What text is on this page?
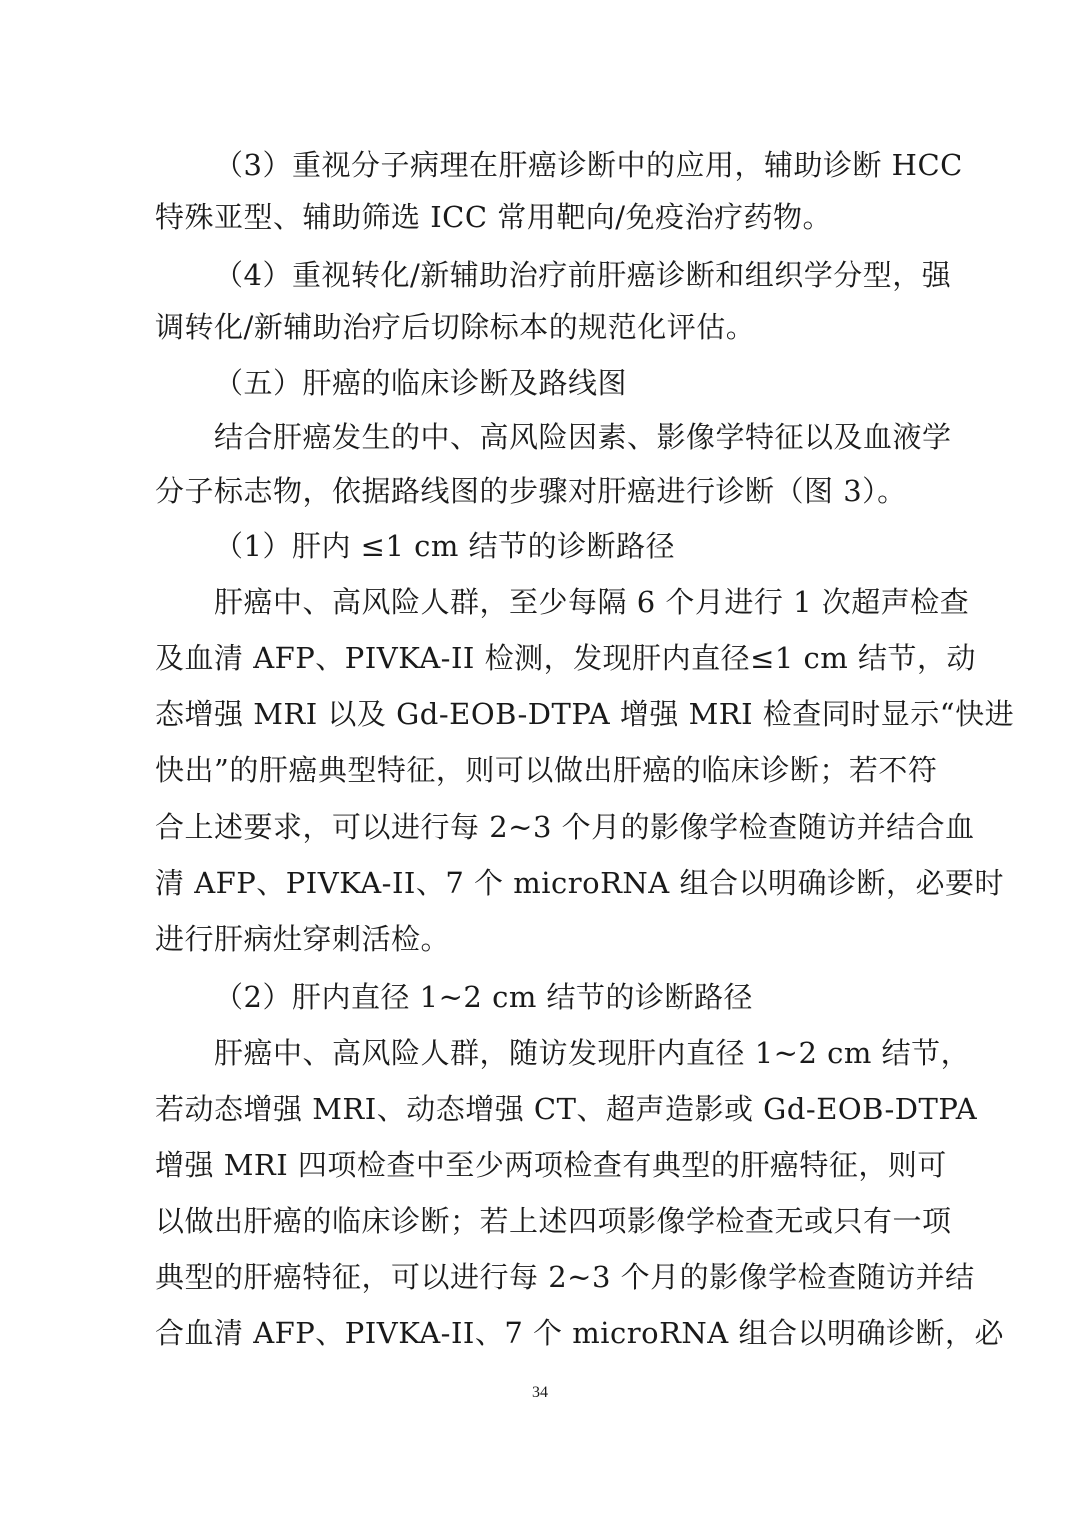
（3）重视分子病理在肝癌诊断中的应用，辅助诊断 HCC
特殊亚型、辅助筛选 ICC 常用靶向/免疫治疗药物。
（4）重视转化/新辅助治疗前肝癌诊断和组织学分型，强
调转化/新辅助治疗后切除标本的规范化评估。
（五）肝癌的临床诊断及路线图
结合肝癌发生的中、高风险因素、影像学特征以及血液学
分子标志物，依据路线图的步骤对肝癌进行诊断（图 3）。
（1）肝内 ≤1 cm 结节的诊断路径
肝癌中、高风险人群，至少每隔 6 个月进行 1 次超声检查
及血清 AFP、PIVKA-II 检测，发现肝内直径≤1 cm 结节，动
态增强 MRI 以及 Gd-EOB-DTPA 增强 MRI 检查同时显示“快进
快出”的肝癌典型特征，则可以做出肝癌的临床诊断；若不符
合上述要求，可以进行每 2~3 个月的影像学检查随访并结合血
清 AFP、PIVKA-II、7 个 microRNA 组合以明确诊断，必要时
进行肝病灶穿刺活检。
（2）肝内直径 1~2 cm 结节的诊断路径
肝癌中、高风险人群，随访发现肝内直径 1~2 cm 结节，
若动态增强 MRI、动态增强 CT、超声造影或 Gd-EOB-DTPA
增强 MRI 四项检查中至少两项检查有典型的肝癌特征，则可
以做出肝癌的临床诊断；若上述四项影像学检查无或只有一项
典型的肝癌特征，可以进行每 2~3 个月的影像学检查随访并结
合血清 AFP、PIVKA-II、7 个 microRNA 组合以明确诊断，必
34
